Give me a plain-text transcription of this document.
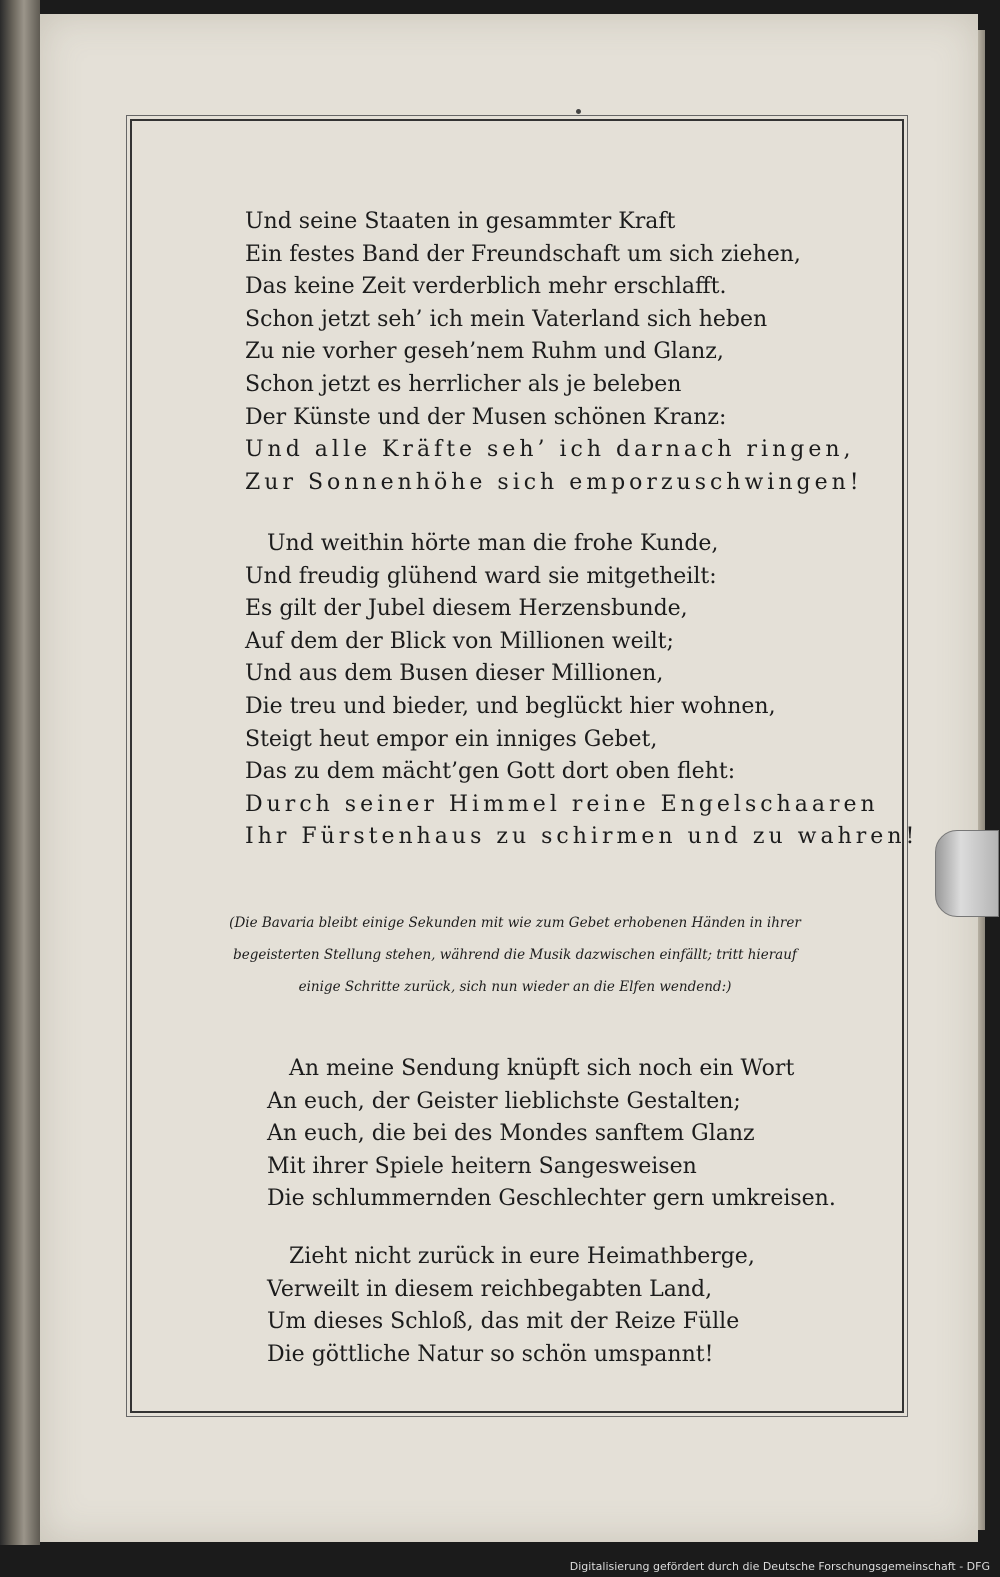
Und seine Staaten in gesammter Kraft
Ein festes Band der Freundschaft um sich ziehen,
Das keine Zeit verderblich mehr erschlafft.
Schon jetzt seh’ ich mein Vaterland sich heben
Zu nie vorher geseh’nem Ruhm und Glanz,
Schon jetzt es herrlicher als je beleben
Der Künste und der Musen schönen Kranz:
Und alle Kräfte seh’ ich darnach ringen,
Zur Sonnenhöhe sich emporzuschwingen!
Und weithin hörte man die frohe Kunde,
Und freudig glühend ward sie mitgetheilt:
Es gilt der Jubel diesem Herzensbunde,
Auf dem der Blick von Millionen weilt;
Und aus dem Busen dieser Millionen,
Die treu und bieder, und beglückt hier wohnen,
Steigt heut empor ein inniges Gebet,
Das zu dem mächt’gen Gott dort oben fleht:
Durch seiner Himmel reine Engelschaaren
Ihr Fürstenhaus zu schirmen und zu wahren!
(Die Bavaria bleibt einige Sekunden mit wie zum Gebet erhobenen Händen in ihrer
begeisterten Stellung stehen, während die Musik dazwischen einfällt; tritt hierauf
einige Schritte zurück, sich nun wieder an die Elfen wendend:)
An meine Sendung knüpft sich noch ein Wort
An euch, der Geister lieblichste Gestalten;
An euch, die bei des Mondes sanftem Glanz
Mit ihrer Spiele heitern Sangesweisen
Die schlummernden Geschlechter gern umkreisen.
Zieht nicht zurück in eure Heimathberge,
Verweilt in diesem reichbegabten Land,
Um dieses Schloß, das mit der Reize Fülle
Die göttliche Natur so schön umspannt!
Digitalisierung gefördert durch die Deutsche Forschungsgemeinschaft - DFG
